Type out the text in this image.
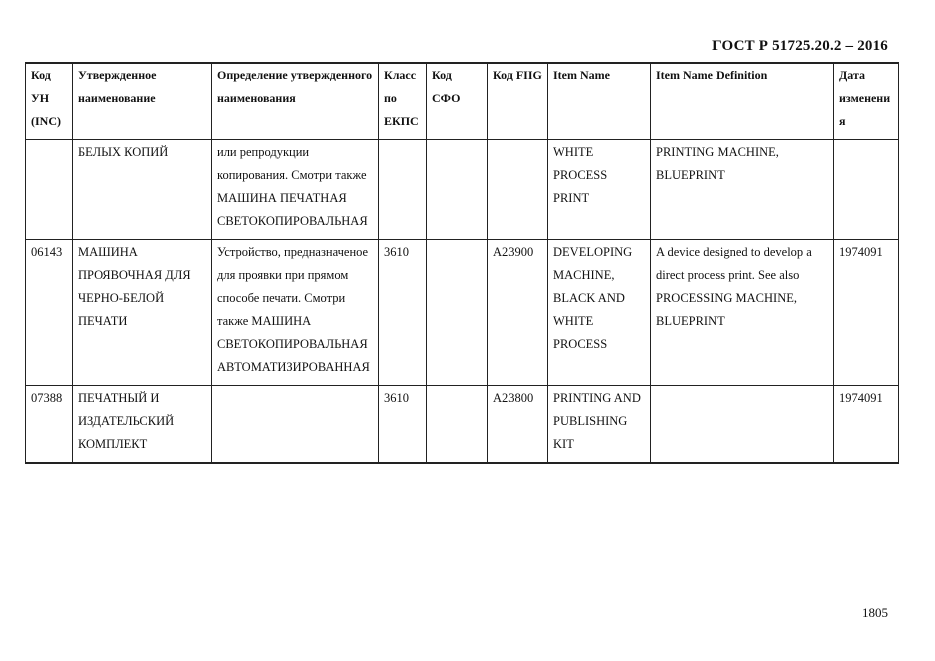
ГОСТ Р 51725.20.2 – 2016
Код УН (INC)	Утвержденное наименование	Определение утвержденного наименования	Класс по ЕКПС	Код СФО	Код FIIG	Item Name	Item Name Definition	Дата изменения

	БЕЛЫХ КОПИЙ	или репродукции копирования. Смотри также МАШИНА ПЕЧАТНАЯ СВЕТОКОПИРОВАЛЬНАЯ				WHITE PROCESS PRINT	PRINTING MACHINE, BLUEPRINT	
06143	МАШИНА ПРОЯВОЧНАЯ ДЛЯ ЧЕРНО-БЕЛОЙ ПЕЧАТИ	Устройство, предназначеное для проявки при прямом способе печати. Смотри также МАШИНА СВЕТОКОПИРОВАЛЬНАЯ АВТОМАТИЗИРОВАННАЯ	3610		A23900	DEVELOPING MACHINE, BLACK AND WHITE PROCESS	A device designed to develop a direct process print. See also PROCESSING MACHINE, BLUEPRINT	1974091
07388	ПЕЧАТНЫЙ И ИЗДАТЕЛЬСКИЙ КОМПЛЕКТ		3610		A23800	PRINTING AND PUBLISHING KIT		1974091
1805
